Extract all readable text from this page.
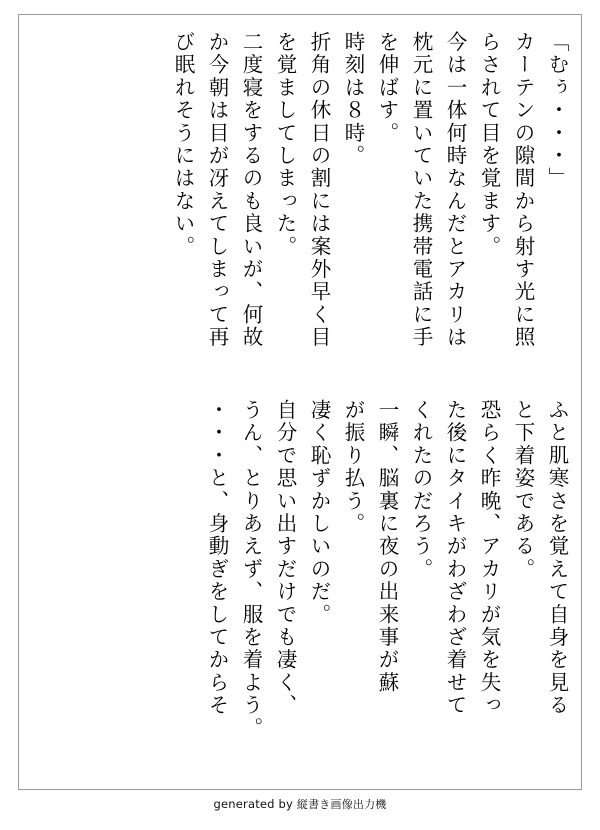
「むぅ・・・」
カーテンの隙間から射す光に照
らされて目を覚ます。
今は一体何時なんだとアカリは
枕元に置いていた携帯電話に手
を伸ばす。
時刻は８時。
折角の休日の割には案外早く目
を覚ましてしまった。
二度寝をするのも良いが、何故
か今朝は目が冴えてしまって再
び眠れそうにはない。
ふと肌寒さを覚えて自身を見る
と下着姿である。
恐らく昨晩、アカリが気を失っ
た後にタイキがわざわざ着せて
くれたのだろう。
一瞬、脳裏に夜の出来事が蘇
が振り払う。
凄く恥ずかしいのだ。
自分で思い出すだけでも凄く、
うん、とりあえず、服を着よう。
・・・と、身動ぎをしてからそ
generated by 縦書き画像出力機
